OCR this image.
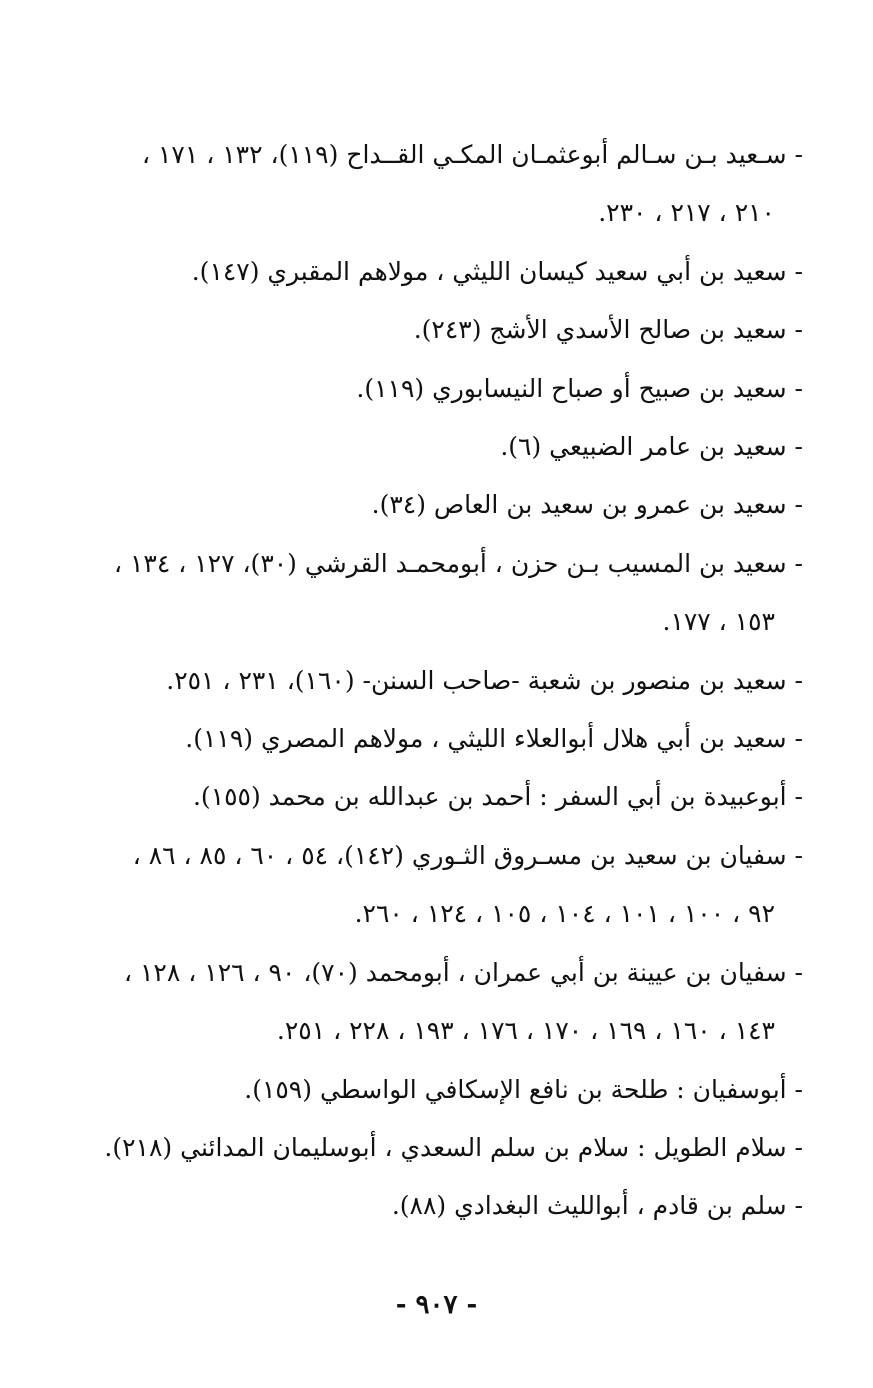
- سـعيد بـن سـالم أبوعثمـان المكـي القــداح (١١٩)، ١٣٢ ، ١٧١ ،
٢١٠ ، ٢١٧ ، ٢٣٠.
- سعيد بن أبي سعيد كيسان الليثي ، مولاهم المقبري (١٤٧).
- سعيد بن صالح الأسدي الأشج (٢٤٣).
- سعيد بن صبيح أو صباح النيسابوري (١١٩).
- سعيد بن عامر الضبيعي (٦).
- سعيد بن عمرو بن سعيد بن العاص (٣٤).
- سعيد بن المسيب بـن حزن ، أبومحمـد القرشي (٣٠)، ١٢٧ ، ١٣٤ ،
١٥٣ ، ١٧٧.
- سعيد بن منصور بن شعبة -صاحب السنن- (١٦٠)، ٢٣١ ، ٢٥١.
- سعيد بن أبي هلال أبوالعلاء الليثي ، مولاهم المصري (١١٩).
- أبوعبيدة بن أبي السفر : أحمد بن عبدالله بن محمد (١٥٥).
- سفيان بن سعيد بن مسـروق الثـوري (١٤٢)، ٥٤ ، ٦٠ ، ٨٥ ، ٨٦ ،
٩٢ ، ١٠٠ ، ١٠١ ، ١٠٤ ، ١٠٥ ، ١٢٤ ، ٢٦٠.
- سفيان بن عيينة بن أبي عمران ، أبومحمد (٧٠)، ٩٠ ، ١٢٦ ، ١٢٨ ،
١٤٣ ، ١٦٠ ، ١٦٩ ، ١٧٠ ، ١٧٦ ، ١٩٣ ، ٢٢٨ ، ٢٥١.
- أبوسفيان : طلحة بن نافع الإسكافي الواسطي (١٥٩).
- سلام الطويل : سلام بن سلم السعدي ، أبوسليمان المدائني (٢١٨).
- سلم بن قادم ، أبوالليث البغدادي (٨٨).
- ٩٠٧ -
